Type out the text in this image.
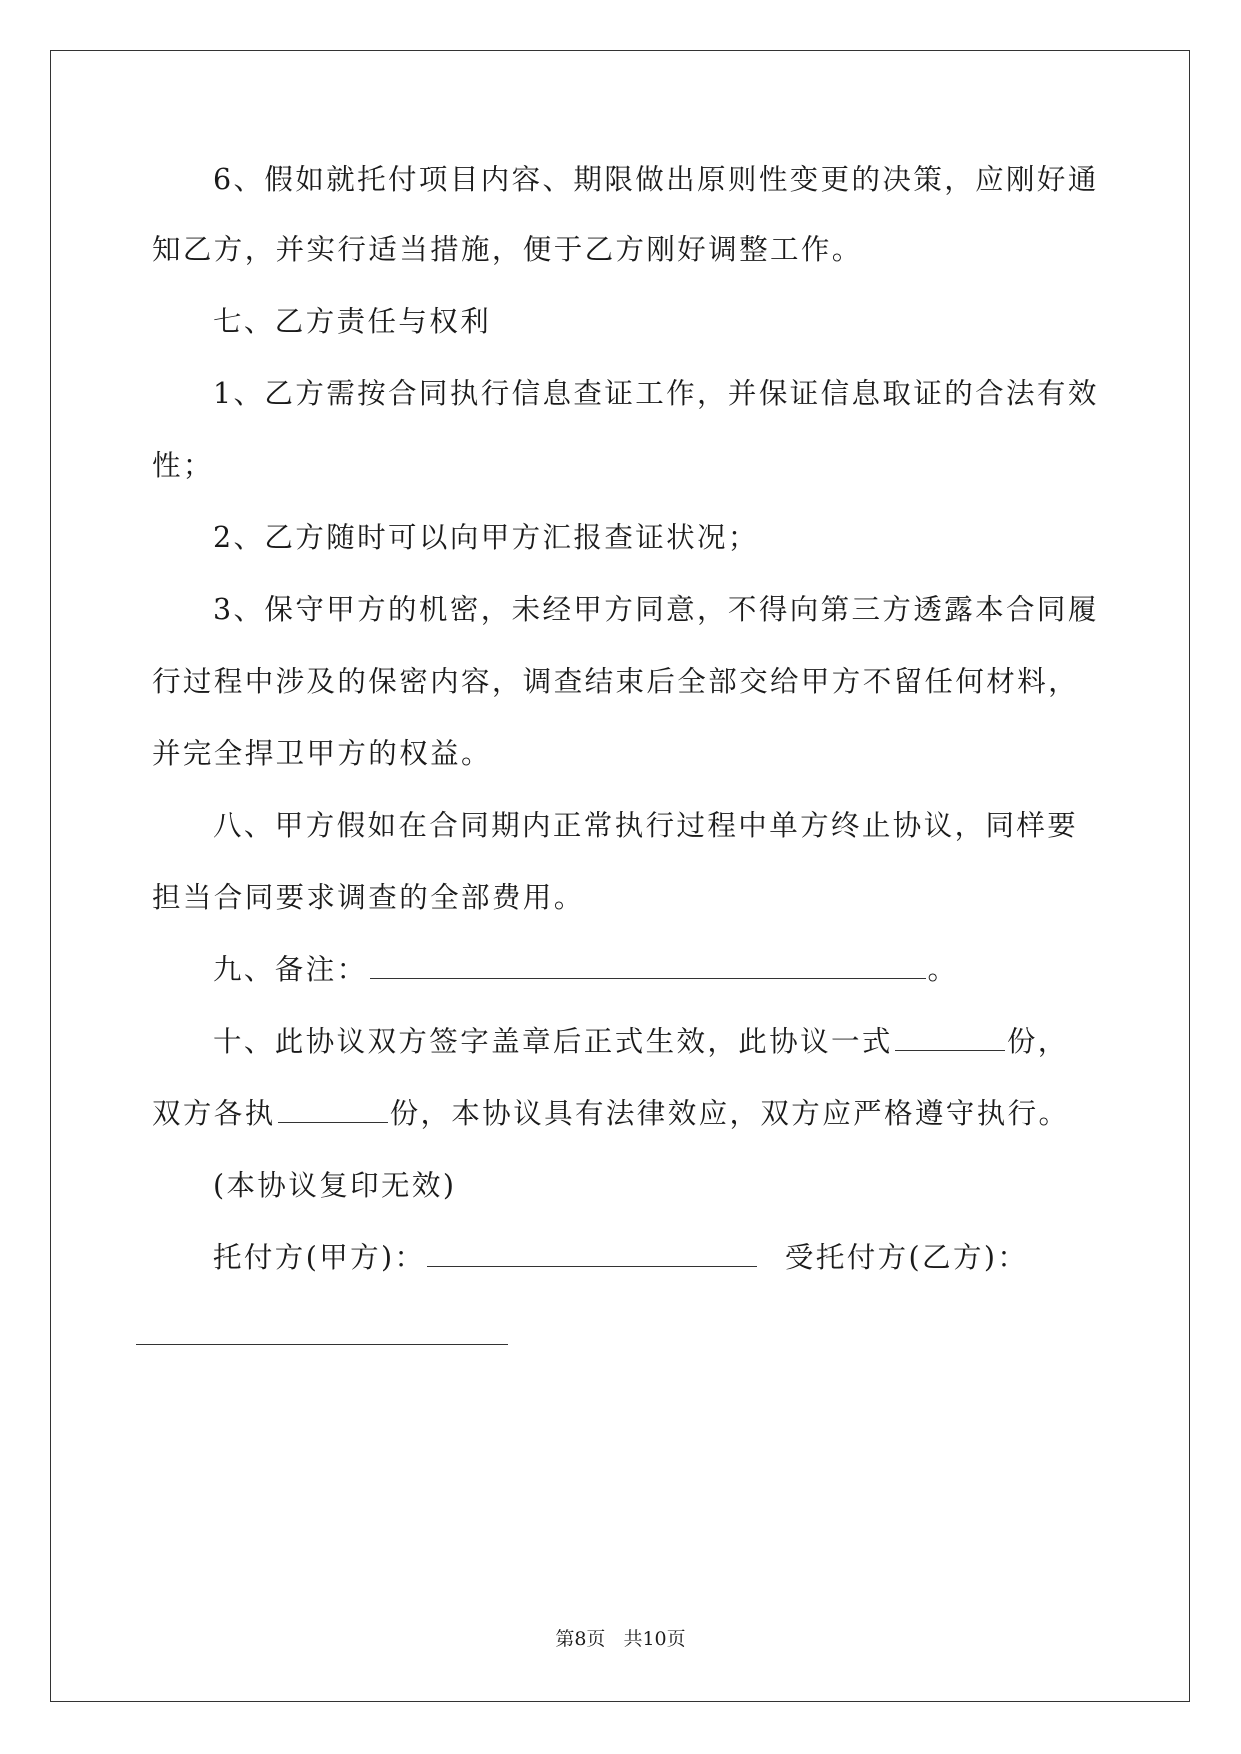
6、假如就托付项目内容、期限做出原则性变更的决策，应刚好通
知乙方，并实行适当措施，便于乙方刚好调整工作。
七、乙方责任与权利
1、乙方需按合同执行信息查证工作，并保证信息取证的合法有效
性；
2、乙方随时可以向甲方汇报查证状况；
3、保守甲方的机密，未经甲方同意，不得向第三方透露本合同履
行过程中涉及的保密内容，调查结束后全部交给甲方不留任何材料，
并完全捍卫甲方的权益。
八、甲方假如在合同期内正常执行过程中单方终止协议，同样要
担当合同要求调查的全部费用。
九、备注：	。
十、此协议双方签字盖章后正式生效，此协议一式	份，
双方各执	份，本协议具有法律效应，双方应严格遵守执行。
(本协议复印无效)
托付方(甲方)：	受托付方(乙方)：
第8页 共10页
